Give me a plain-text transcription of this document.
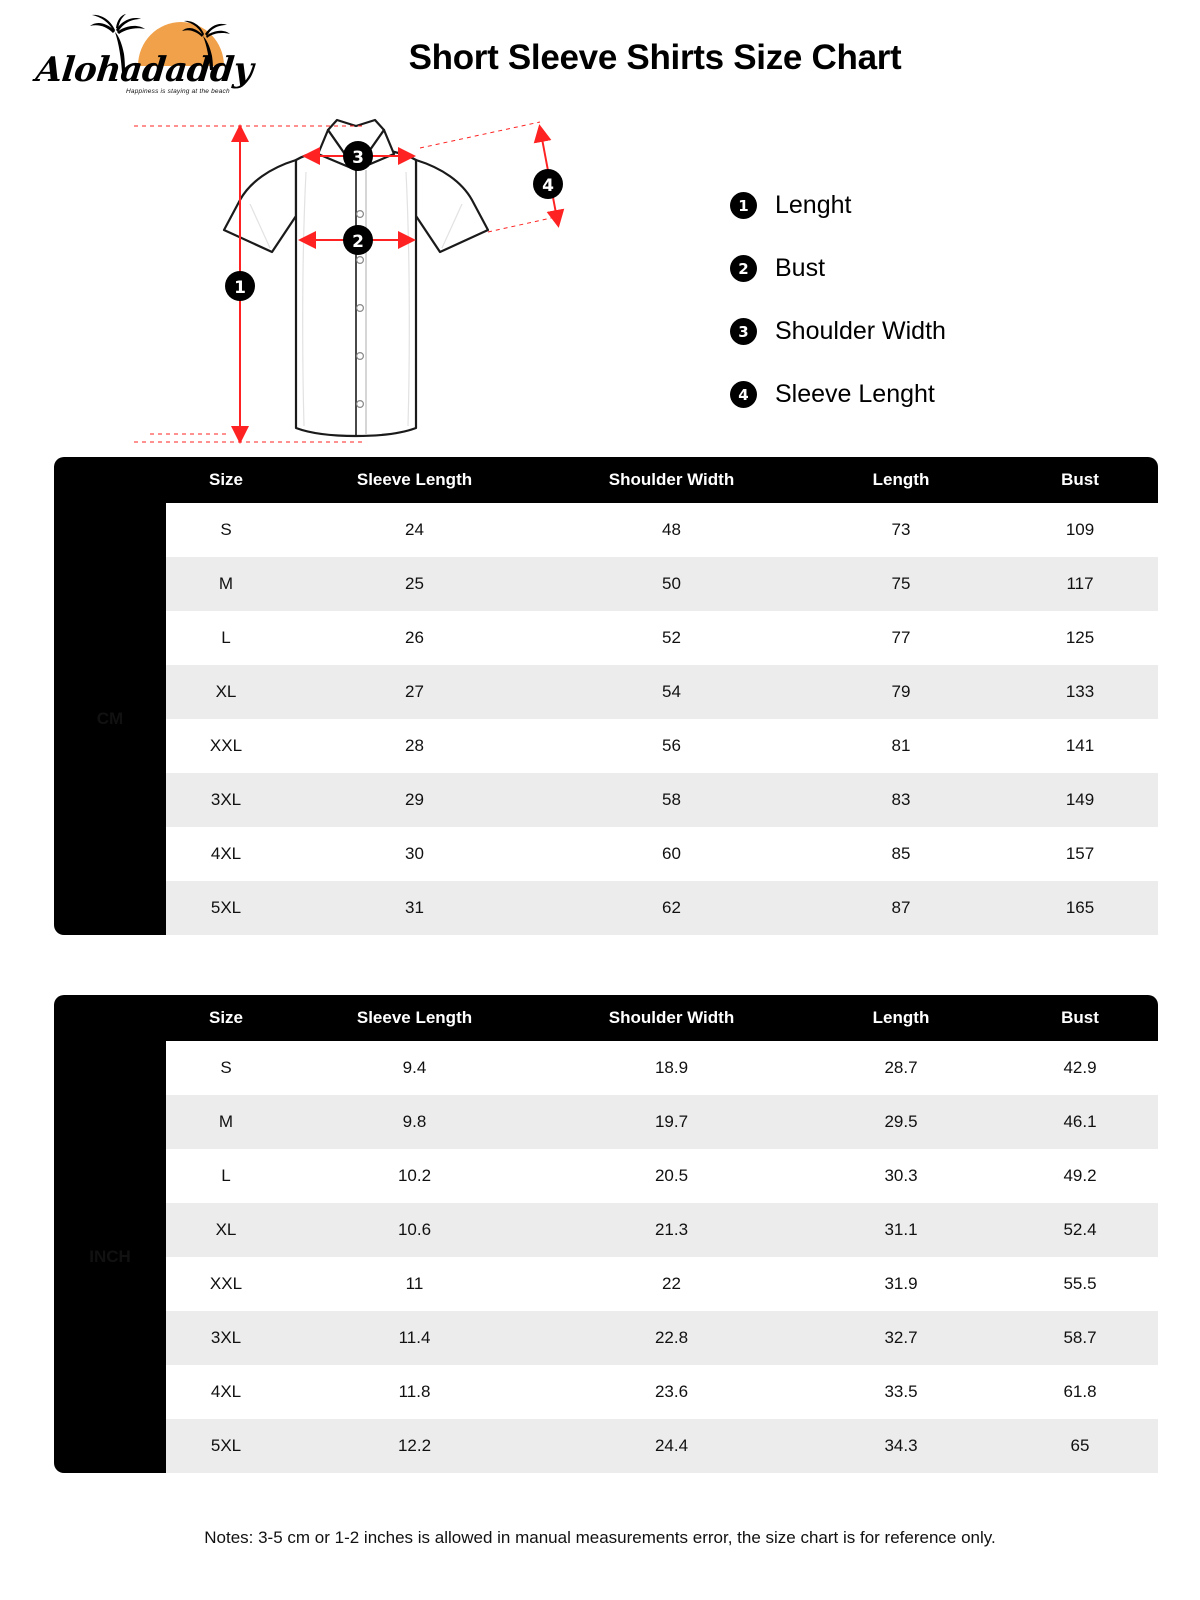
Alohadaddy
Happiness is staying at the beach
Short Sleeve Shirts Size Chart
1
2
3
4
1	Lenght
2	Bust
3	Shoulder Width
4	Sleeve Lenght
	Size	Sleeve Length	Shoulder Width	Length	Bust
CM	S	24	48	73	109
	M	25	50	75	117
	L	26	52	77	125
	XL	27	54	79	133
	XXL	28	56	81	141
	3XL	29	58	83	149
	4XL	30	60	85	157
	5XL	31	62	87	165
	Size	Sleeve Length	Shoulder Width	Length	Bust
INCH	S	9.4	18.9	28.7	42.9
	M	9.8	19.7	29.5	46.1
	L	10.2	20.5	30.3	49.2
	XL	10.6	21.3	31.1	52.4
	XXL	11	22	31.9	55.5
	3XL	11.4	22.8	32.7	58.7
	4XL	11.8	23.6	33.5	61.8
	5XL	12.2	24.4	34.3	65
Notes: 3-5 cm or 1-2 inches is allowed in manual measurements error, the size chart is for reference only.
